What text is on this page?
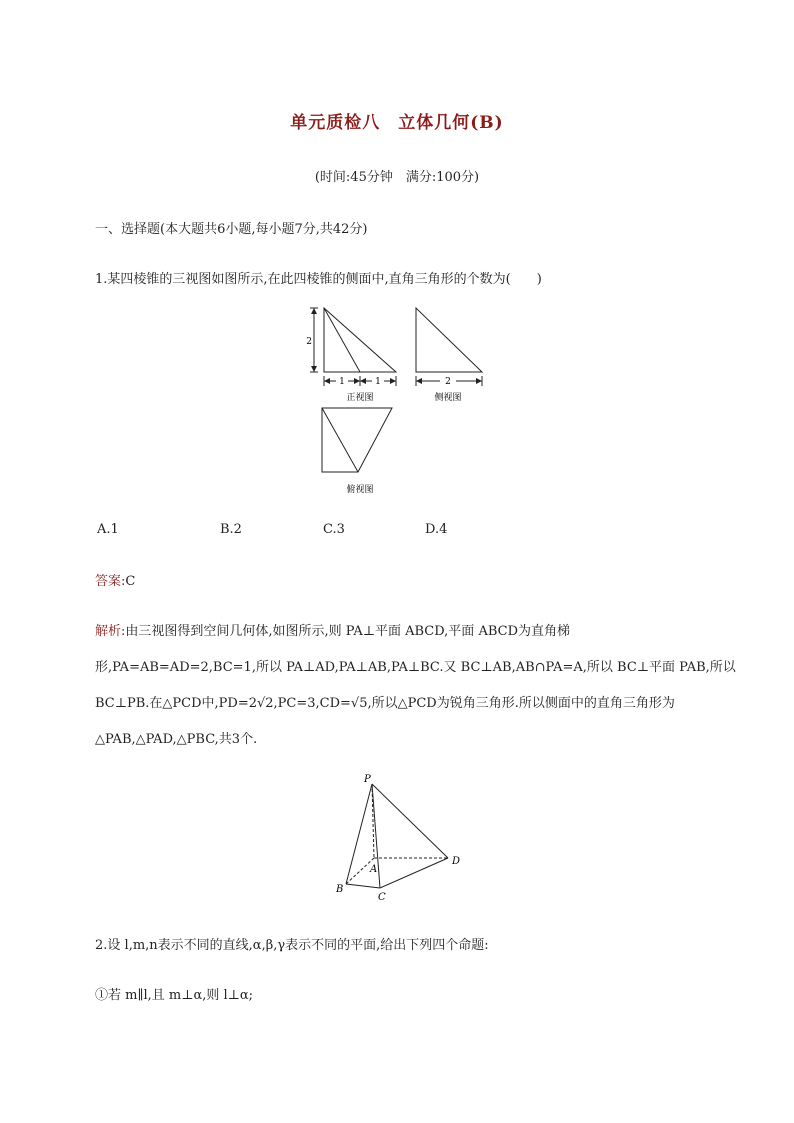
单元质检八　立体几何(B)
(时间:45分钟　满分:100分)
一、选择题(本大题共6小题,每小题7分,共42分)
1.某四棱锥的三视图如图所示,在此四棱锥的侧面中,直角三角形的个数为(　　)
2
1	1	2
正视图	侧视图
俯视图
A.1	B.2	C.3	D.4
答案:C
解析:由三视图得到空间几何体,如图所示,则 PA⊥平面 ABCD,平面 ABCD为直角梯
形,PA=AB=AD=2,BC=1,所以 PA⊥AD,PA⊥AB,PA⊥BC.又 BC⊥AB,AB∩PA=A,所以 BC⊥平面 PAB,所以
BC⊥PB.在△PCD中,PD=2√2,PC=3,CD=√5,所以△PCD为锐角三角形.所以侧面中的直角三角形为
△PAB,△PAD,△PBC,共3个.
P
A
B
C
D
2.设 l,m,n表示不同的直线,α,β,γ表示不同的平面,给出下列四个命题:
①若 m∥l,且 m⊥α,则 l⊥α;
